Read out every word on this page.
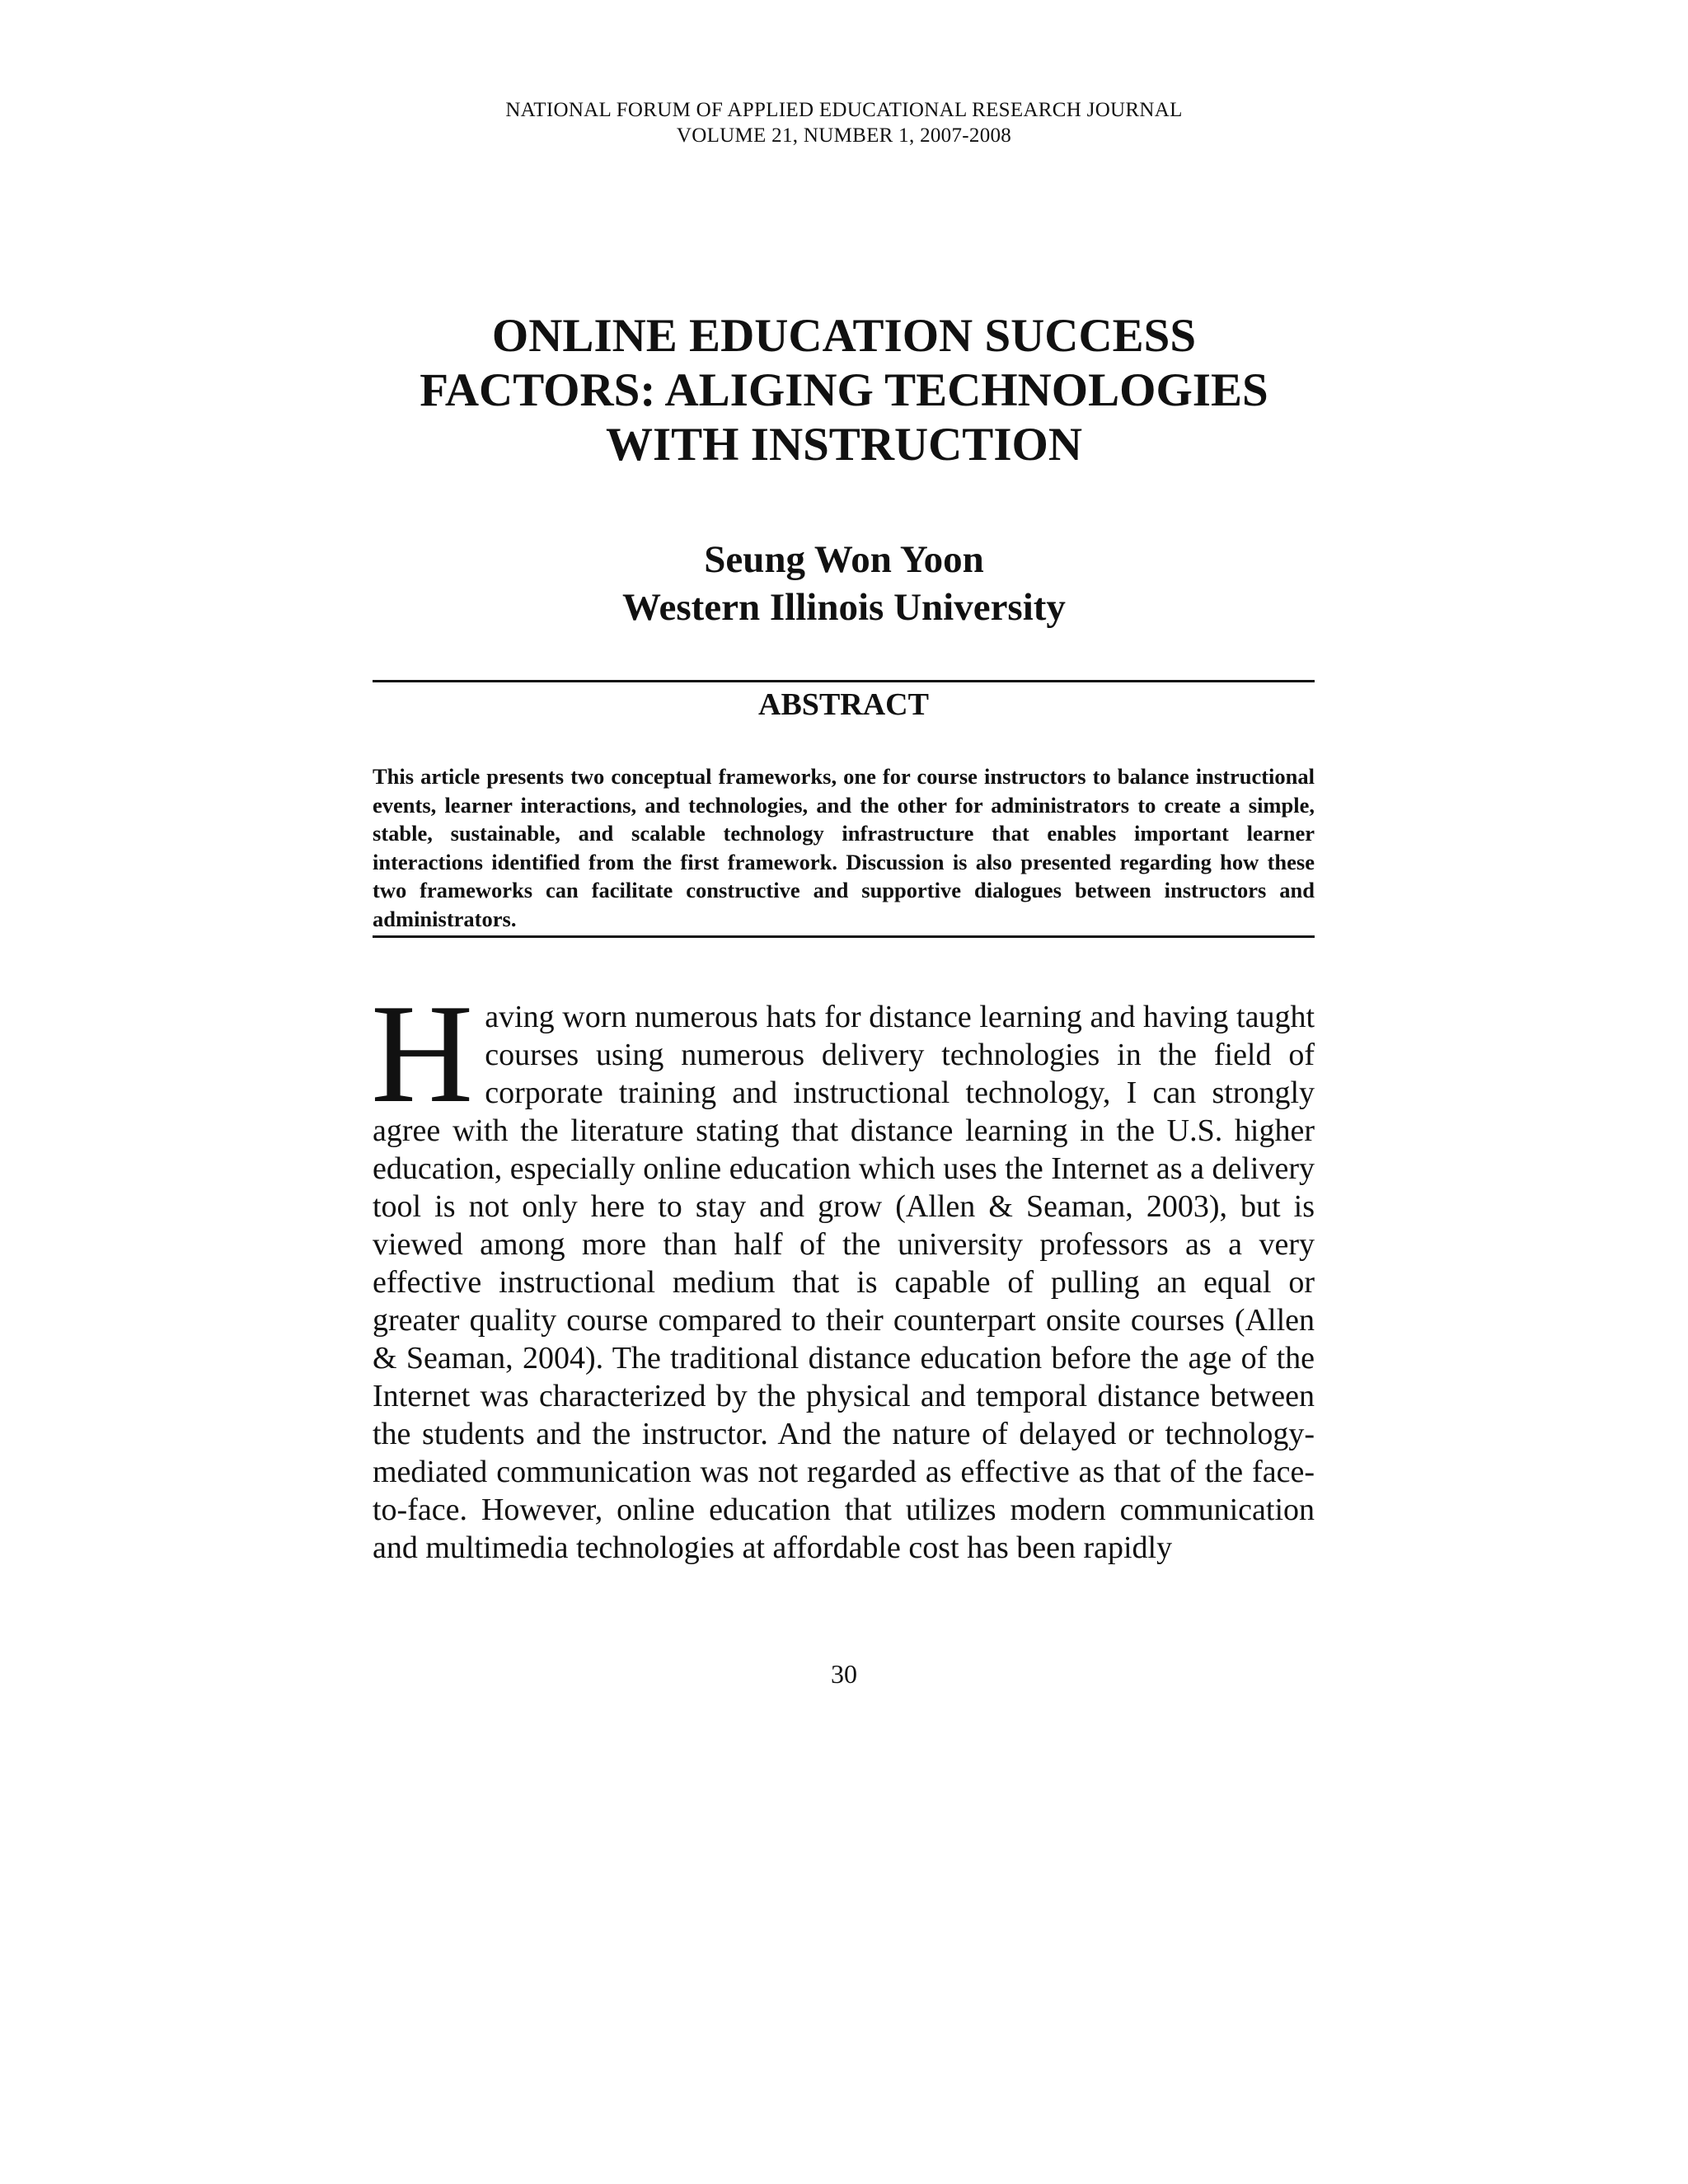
NATIONAL FORUM OF APPLIED EDUCATIONAL RESEARCH JOURNAL
VOLUME 21, NUMBER 1, 2007-2008
ONLINE EDUCATION SUCCESS
FACTORS: ALIGING TECHNOLOGIES
WITH INSTRUCTION
Seung Won Yoon
Western Illinois University
ABSTRACT

This article presents two conceptual frameworks, one for course instructors to balance instructional events, learner interactions, and technologies, and the other for administrators to create a simple, stable, sustainable, and scalable technology infrastructure that enables important learner interactions identified from the first framework. Discussion is also presented regarding how these two frameworks can facilitate constructive and supportive dialogues between instructors and administrators.

Having worn numerous hats for distance learning and having taught courses using numerous delivery technologies in the field of corporate training and instructional technology, I can strongly agree with the literature stating that distance learning in the U.S. higher education, especially online education which uses the Internet as a delivery tool is not only here to stay and grow (Allen & Seaman, 2003), but is viewed among more than half of the university professors as a very effective instructional medium that is capable of pulling an equal or greater quality course compared to their counterpart onsite courses (Allen & Seaman, 2004). The traditional distance education before the age of the Internet was characterized by the physical and temporal distance between the students and the instructor. And the nature of delayed or technology-mediated communication was not regarded as effective as that of the face-to-face. However, online education that utilizes modern communication and multimedia technologies at affordable cost has been rapidly

30
